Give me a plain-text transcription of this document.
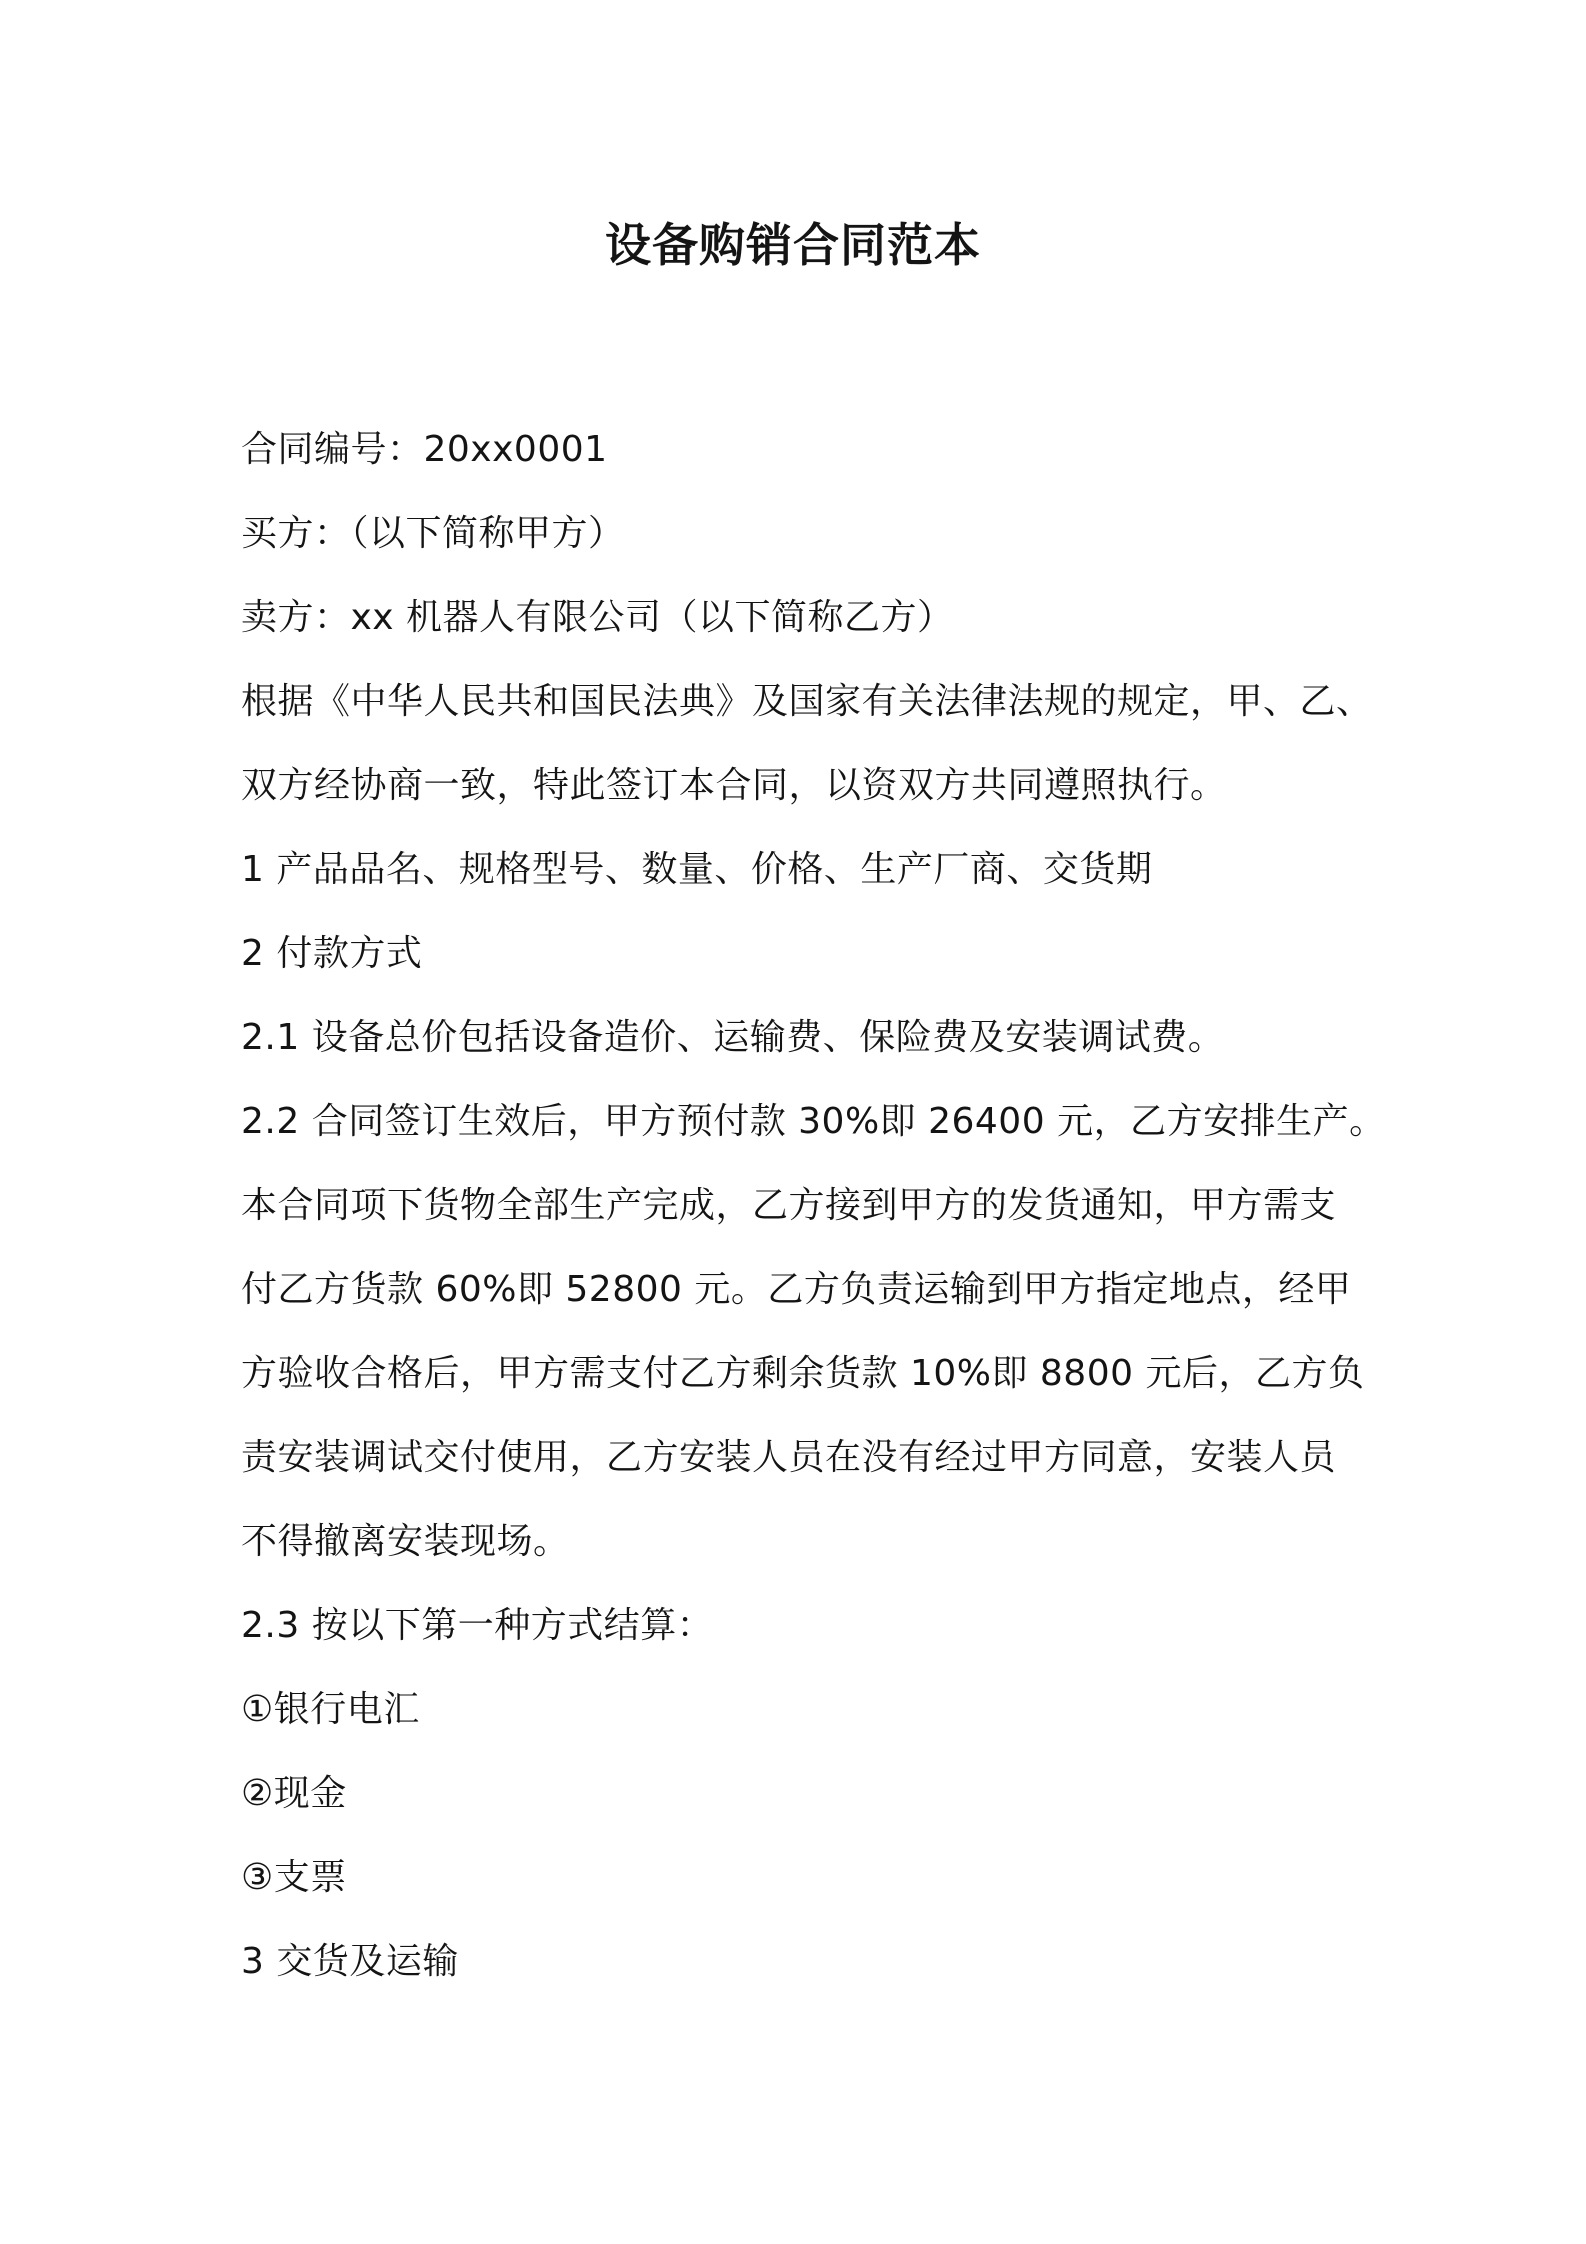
设备购销合同范本
合同编号：20xx0001
买方：（以下简称甲方）
卖方：xx 机器人有限公司（以下简称乙方）
根据《中华人民共和国民法典》及国家有关法律法规的规定，甲、乙、
双方经协商一致，特此签订本合同，以资双方共同遵照执行。
1 产品品名、规格型号、数量、价格、生产厂商、交货期
2 付款方式
2.1 设备总价包括设备造价、运输费、保险费及安装调试费。
2.2 合同签订生效后，甲方预付款 30%即 26400 元，乙方安排生产。
本合同项下货物全部生产完成，乙方接到甲方的发货通知，甲方需支
付乙方货款 60%即 52800 元。乙方负责运输到甲方指定地点，经甲
方验收合格后，甲方需支付乙方剩余货款 10%即 8800 元后，乙方负
责安装调试交付使用，乙方安装人员在没有经过甲方同意，安装人员
不得撤离安装现场。
2.3 按以下第一种方式结算：
①银行电汇
②现金
③支票
3 交货及运输
